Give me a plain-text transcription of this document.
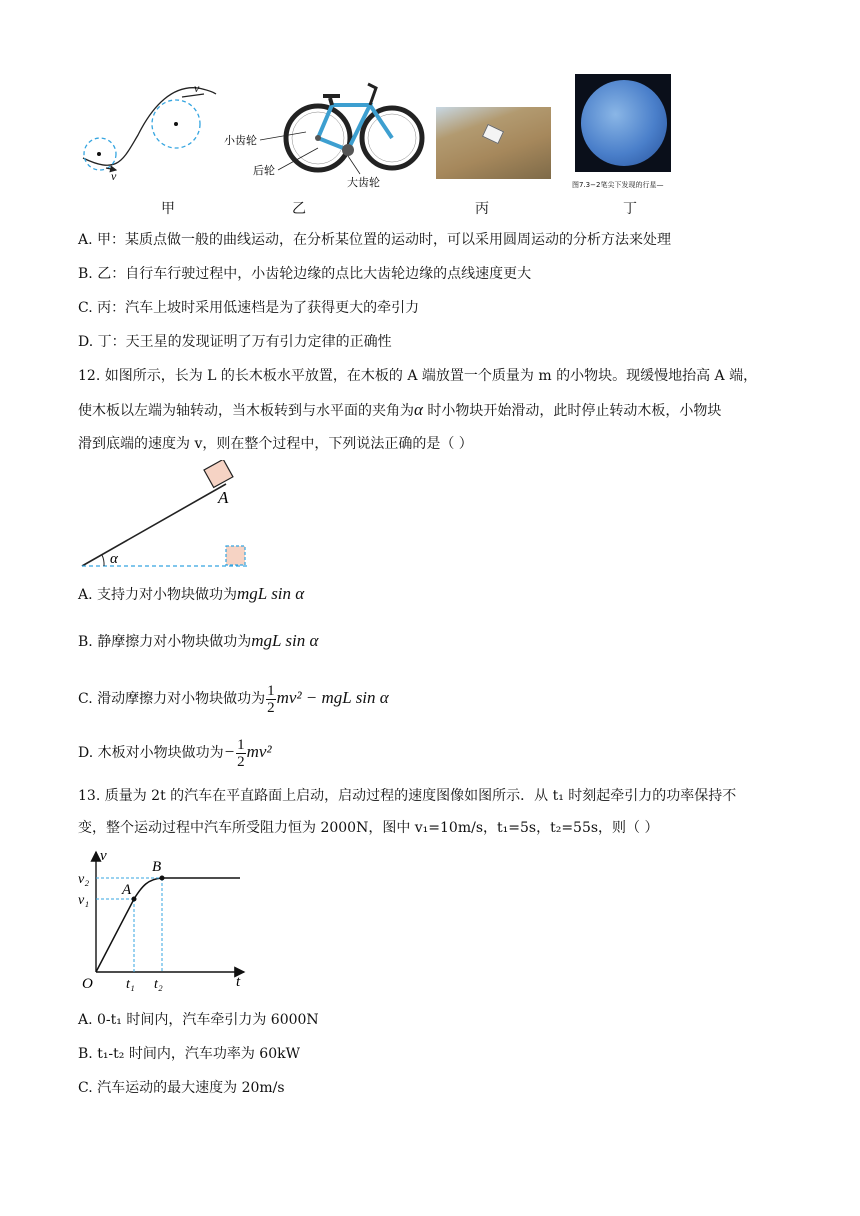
v
v
小齿轮
后轮
大齿轮	图7.3−2笔尖下发现的行星—
甲	乙	丙	丁
A. 甲：某质点做一般的曲线运动，在分析某位置的运动时，可以采用圆周运动的分析方法来处理
B. 乙：自行车行驶过程中，小齿轮边缘的点比大齿轮边缘的点线速度更大
C. 丙：汽车上坡时采用低速档是为了获得更大的牵引力
D. 丁：天王星的发现证明了万有引力定律的正确性
12. 如图所示，长为 L 的长木板水平放置，在木板的 A 端放置一个质量为 m 的小物块。现缓慢地抬高 A 端，
使木板以左端为轴转动，当木板转到与水平面的夹角为α 时小物块开始滑动，此时停止转动木板，小物块
滑到底端的速度为 v，则在整个过程中，下列说法正确的是（ ）
α
A
A. 支持力对小物块做功为mgL sin α
B. 静摩擦力对小物块做功为mgL sin α
C. 滑动摩擦力对小物块做功为 $\frac{1}{2} mv^2$ − mgL sin α
D. 木板对小物块做功为− $\frac{1}{2} mv^2$
13. 质量为 2t 的汽车在平直路面上启动，启动过程的速度图像如图所示．从 t₁ 时刻起牵引力的功率保持不
变，整个运动过程中汽车所受阻力恒为 2000N，图中 v₁=10m/s，t₁=5s，t₂=55s，则（ ）
v
t
O
v₂
v₁
t₁ t₂
A
B
A. 0-t₁ 时间内，汽车牵引力为 6000N
B. t₁-t₂ 时间内，汽车功率为 60kW
C. 汽车运动的最大速度为 20m/s
